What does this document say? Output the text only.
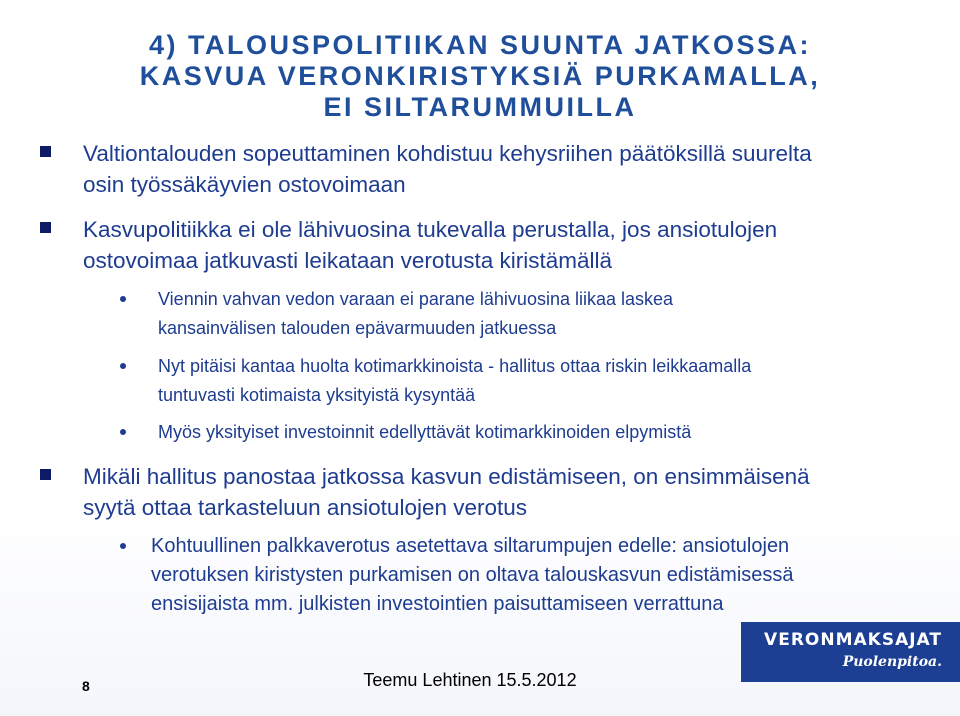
4) TALOUSPOLITIIKAN SUUNTA JATKOSSA:
KASVUA VERONKIRISTYKSIÄ PURKAMALLA,
EI SILTARUMMUILLA
Valtiontalouden sopeuttaminen kohdistuu kehysriihen päätöksillä suurelta
osin työssäkäyvien ostovoimaan
Kasvupolitiikka ei ole lähivuosina tukevalla perustalla, jos ansiotulojen
ostovoimaa jatkuvasti leikataan verotusta kiristämällä
Viennin vahvan vedon varaan ei parane lähivuosina liikaa laskea
kansainvälisen talouden epävarmuuden jatkuessa
Nyt pitäisi kantaa huolta kotimarkkinoista - hallitus ottaa riskin leikkaamalla
tuntuvasti kotimaista yksityistä kysyntää
Myös yksityiset investoinnit edellyttävät kotimarkkinoiden elpymistä
Mikäli hallitus panostaa jatkossa kasvun edistämiseen, on ensimmäisenä
syytä ottaa tarkasteluun ansiotulojen verotus
Kohtuullinen palkkaverotus asetettava siltarumpujen edelle: ansiotulojen
verotuksen kiristysten purkamisen on oltava talouskasvun edistämisessä
ensisijaista mm. julkisten investointien paisuttamiseen verrattuna
8	Teemu Lehtinen 15.5.2012
VERONMAKSAJAT
Puolenpitoa.
